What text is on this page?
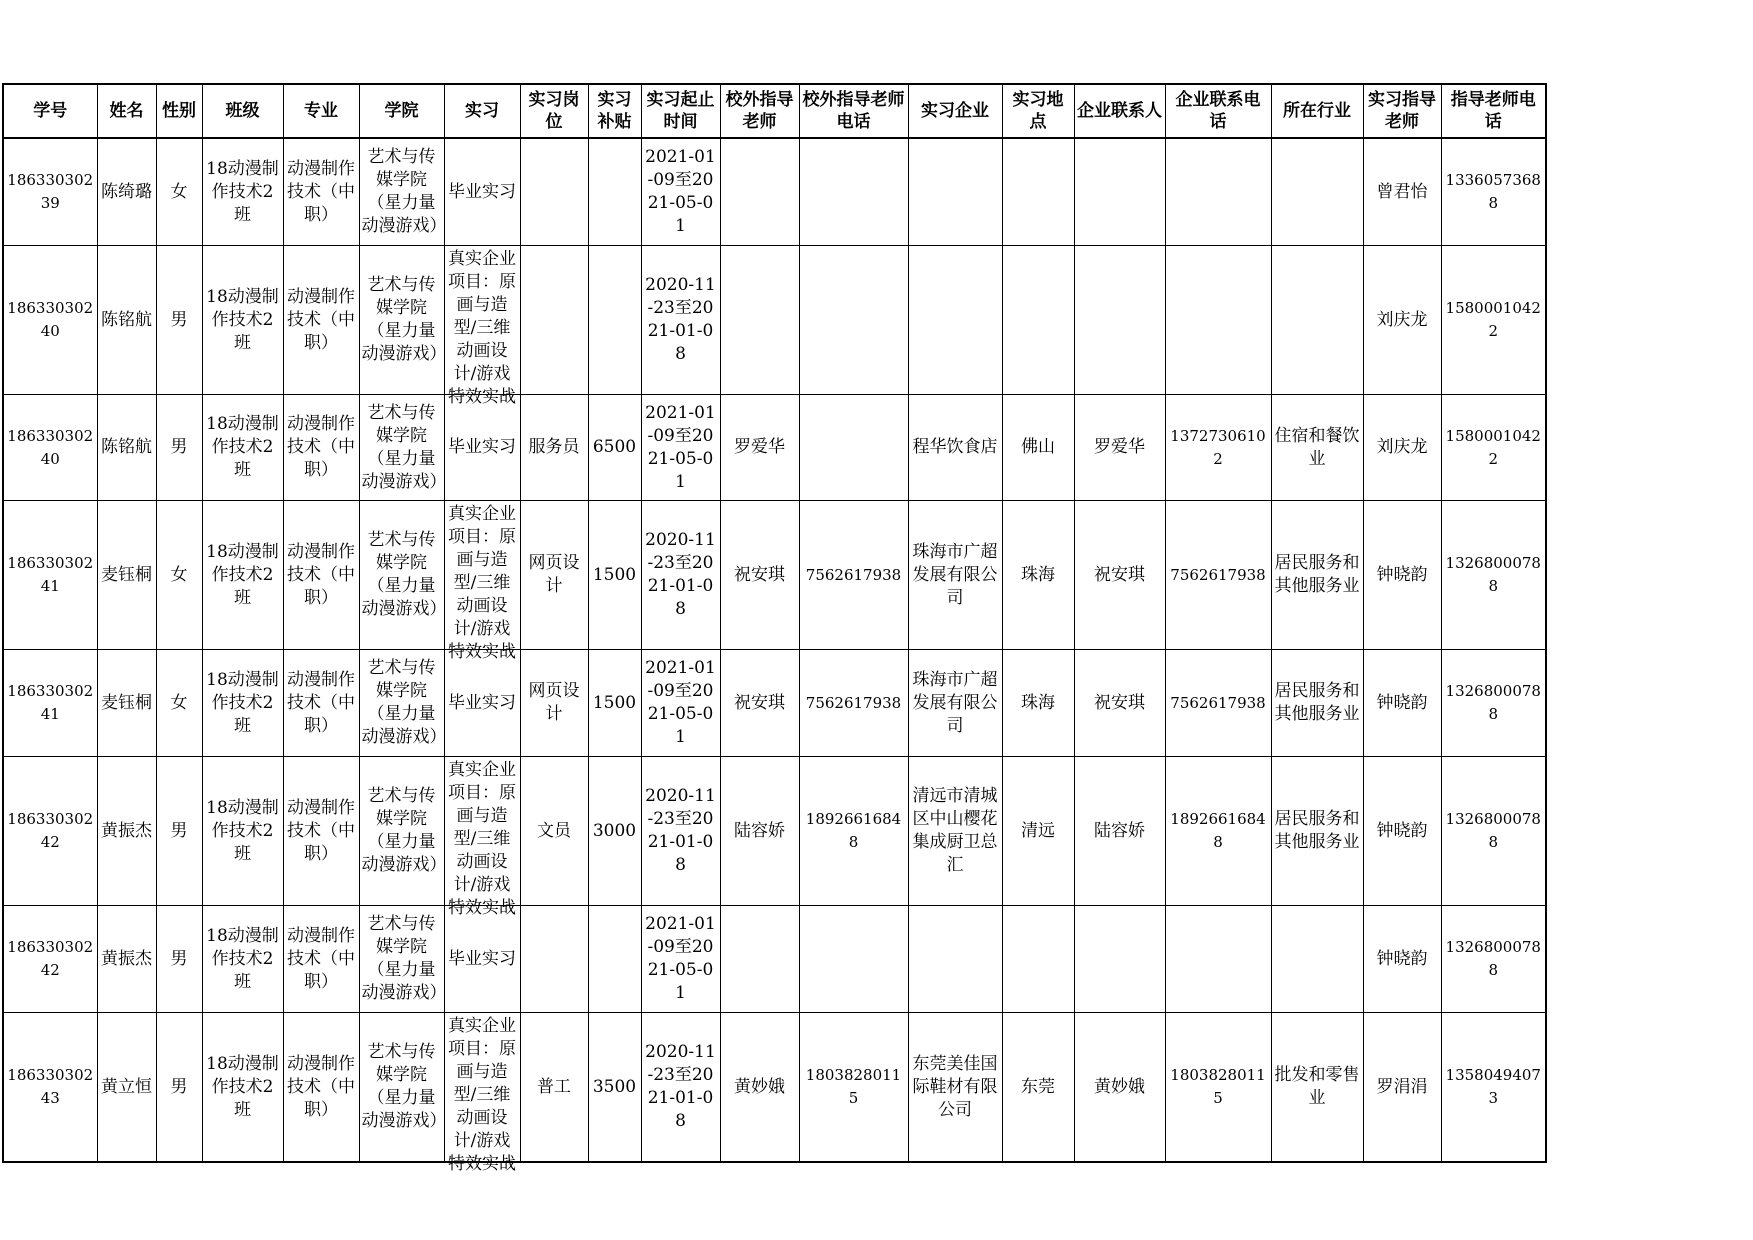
学号	姓名	性别	班级	专业	学院	实习	实习岗位	实习补贴	实习起止时间	校外指导老师	校外指导老师电话	实习企业	实习地点	企业联系人	企业联系电话	所在行业	实习指导老师	指导老师电话

18633030239	陈绮璐	女	18动漫制作技术2班	动漫制作技术（中职）	艺术与传媒学院（星力量动漫游戏）	毕业实习			2021-01-09至2021-05-01								曾君怡	13360573688

18633030240	陈铭航	男	18动漫制作技术2班	动漫制作技术（中职）	艺术与传媒学院（星力量动漫游戏）	真实企业项目：原画与造型/三维动画设计/游戏特效实战			2020-11-23至2021-01-08								刘庆龙	15800010422

18633030240	陈铭航	男	18动漫制作技术2班	动漫制作技术（中职）	艺术与传媒学院（星力量动漫游戏）	毕业实习	服务员	6500	2021-01-09至2021-05-01	罗爱华		程华饮食店	佛山	罗爱华	13727306102	住宿和餐饮业	刘庆龙	15800010422

18633030241	麦钰桐	女	18动漫制作技术2班	动漫制作技术（中职）	艺术与传媒学院（星力量动漫游戏）	真实企业项目：原画与造型/三维动画设计/游戏特效实战	网页设计	1500	2020-11-23至2021-01-08	祝安琪	7562617938	珠海市广超发展有限公司	珠海	祝安琪	7562617938	居民服务和其他服务业	钟晓韵	13268000788

18633030241	麦钰桐	女	18动漫制作技术2班	动漫制作技术（中职）	艺术与传媒学院（星力量动漫游戏）	毕业实习	网页设计	1500	2021-01-09至2021-05-01	祝安琪	7562617938	珠海市广超发展有限公司	珠海	祝安琪	7562617938	居民服务和其他服务业	钟晓韵	13268000788

18633030242	黄振杰	男	18动漫制作技术2班	动漫制作技术（中职）	艺术与传媒学院（星力量动漫游戏）	真实企业项目：原画与造型/三维动画设计/游戏特效实战	文员	3000	2020-11-23至2021-01-08	陆容娇	18926616848	清远市清城区中山樱花集成厨卫总汇	清远	陆容娇	18926616848	居民服务和其他服务业	钟晓韵	13268000788

18633030242	黄振杰	男	18动漫制作技术2班	动漫制作技术（中职）	艺术与传媒学院（星力量动漫游戏）	毕业实习			2021-01-09至2021-05-01								钟晓韵	13268000788

18633030243	黄立恒	男	18动漫制作技术2班	动漫制作技术（中职）	艺术与传媒学院（星力量动漫游戏）	真实企业项目：原画与造型/三维动画设计/游戏特效实战	普工	3500	2020-11-23至2021-01-08	黄妙娥	18038280115	东莞美佳国际鞋材有限公司	东莞	黄妙娥	18038280115	批发和零售业	罗涓涓	13580494073
